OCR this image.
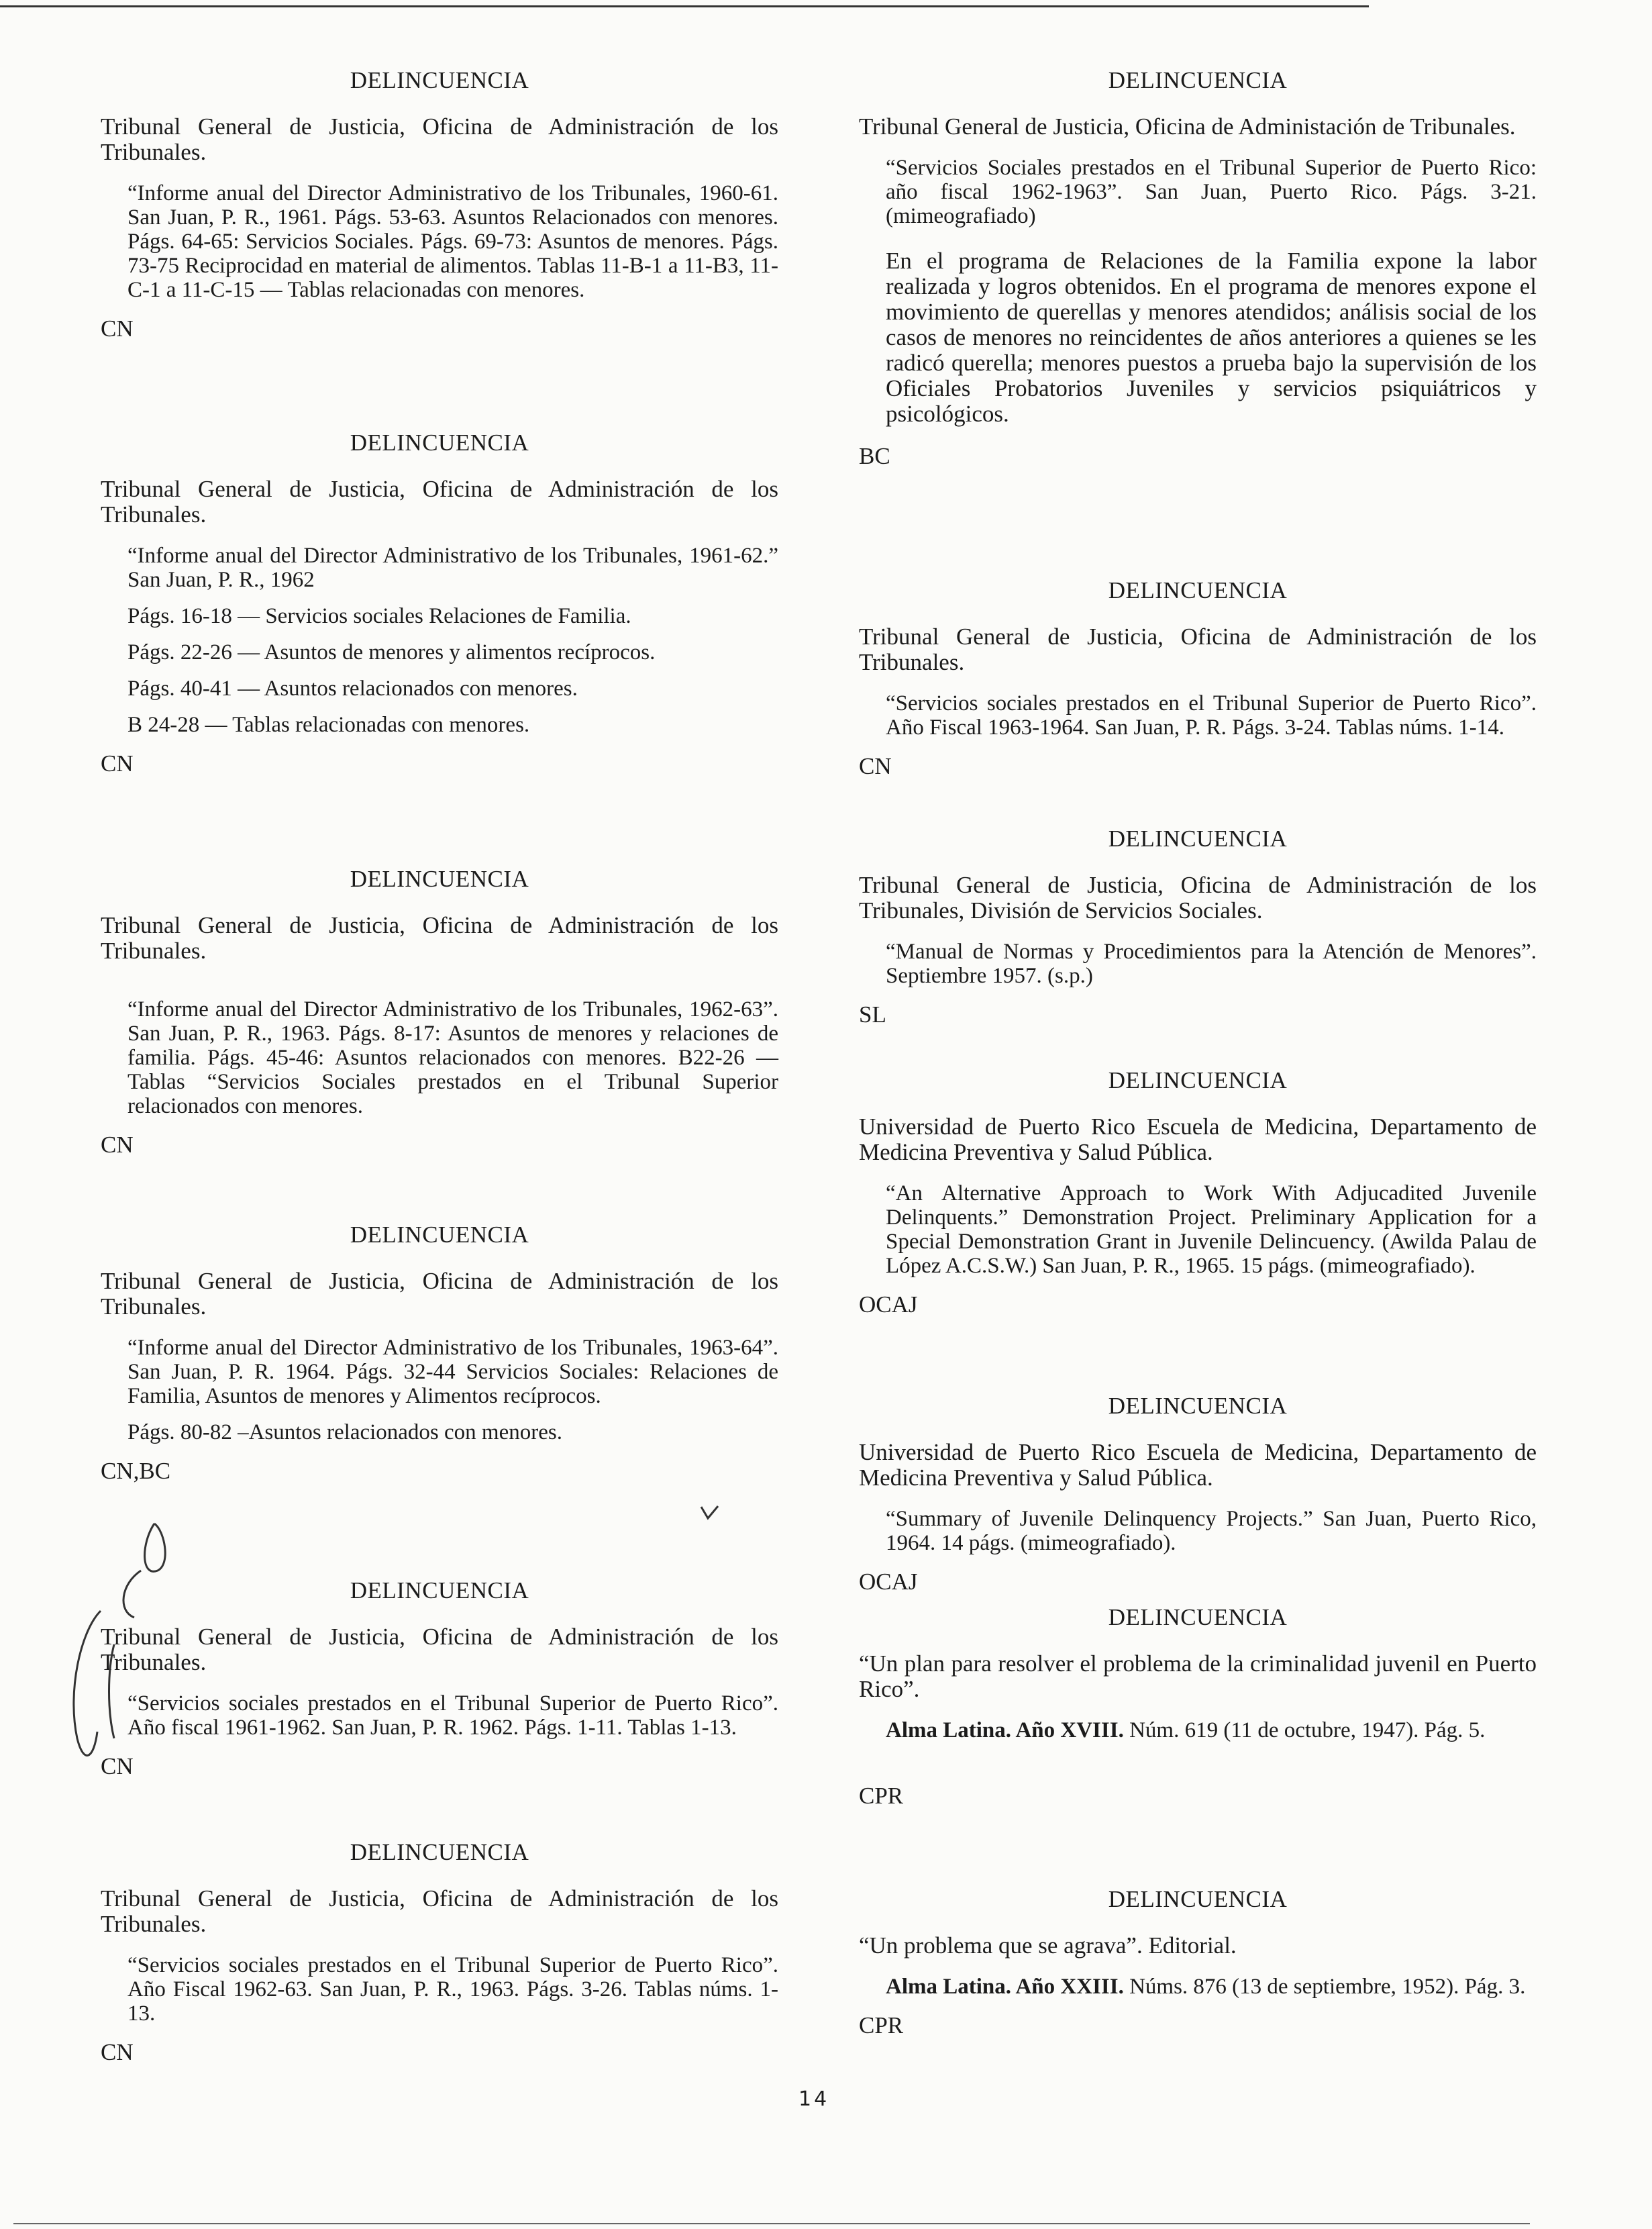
DELINCUENCIA
Tribunal General de Justicia, Oficina de Administración de los Tribunales.
“Informe anual del Director Administrativo de los Tribunales, 1960-61. San Juan, P. R., 1961. Págs. 53-63. Asuntos Relacionados con menores. Págs. 64-65: Servicios Sociales. Págs. 69-73: Asuntos de menores. Págs. 73-75 Reciprocidad en material de alimentos. Tablas 11-B-1 a 11-B3, 11-C-1 a 11-C-15 — Tablas relacionadas con menores.
CN
DELINCUENCIA
Tribunal General de Justicia, Oficina de Administración de los Tribunales.
“Informe anual del Director Administrativo de los Tribunales, 1961-62.” San Juan, P. R., 1962
Págs. 16-18 — Servicios sociales Relaciones de Familia.
Págs. 22-26 — Asuntos de menores y alimentos recíprocos.
Págs. 40-41 — Asuntos relacionados con menores.
B 24-28 — Tablas relacionadas con menores.
CN
DELINCUENCIA
Tribunal General de Justicia, Oficina de Administración de los Tribunales.
“Informe anual del Director Administrativo de los Tribunales, 1962-63”. San Juan, P. R., 1963. Págs. 8-17: Asuntos de menores y relaciones de familia. Págs. 45-46: Asuntos relacionados con menores. B22-26 — Tablas “Servicios Sociales prestados en el Tribunal Superior relacionados con menores.
CN
DELINCUENCIA
Tribunal General de Justicia, Oficina de Administración de los Tribunales.
“Informe anual del Director Administrativo de los Tribunales, 1963-64”. San Juan, P. R. 1964. Págs. 32-44 Servicios Sociales: Relaciones de Familia, Asuntos de menores y Alimentos recíprocos.
Págs. 80-82 –Asuntos relacionados con menores.
CN,BC
DELINCUENCIA
Tribunal General de Justicia, Oficina de Administración de los Tribunales.
“Servicios sociales prestados en el Tribunal Superior de Puerto Rico”. Año fiscal 1961-1962. San Juan, P. R. 1962. Págs. 1-11. Tablas 1-13.
CN
DELINCUENCIA
Tribunal General de Justicia, Oficina de Administración de los Tribunales.
“Servicios sociales prestados en el Tribunal Superior de Puerto Rico”. Año Fiscal 1962-63. San Juan, P. R., 1963. Págs. 3-26. Tablas núms. 1-13.
CN
DELINCUENCIA
Tribunal General de Justicia, Oficina de Administación de Tribunales.
“Servicios Sociales prestados en el Tribunal Superior de Puerto Rico: año fiscal 1962-1963”. San Juan, Puerto Rico. Págs. 3-21. (mimeografiado)
En el programa de Relaciones de la Familia expone la labor realizada y logros obtenidos. En el programa de menores expone el movimiento de querellas y menores atendidos; análisis social de los casos de menores no reincidentes de años anteriores a quienes se les radicó querella; menores puestos a prueba bajo la supervisión de los Oficiales Probatorios Juveniles y servicios psiquiátricos y psicológicos.
BC
DELINCUENCIA
Tribunal General de Justicia, Oficina de Administración de los Tribunales.
“Servicios sociales prestados en el Tribunal Superior de Puerto Rico”. Año Fiscal 1963-1964. San Juan, P. R. Págs. 3-24. Tablas núms. 1-14.
CN
DELINCUENCIA
Tribunal General de Justicia, Oficina de Administración de los Tribunales, División de Servicios Sociales.
“Manual de Normas y Procedimientos para la Atención de Menores”. Septiembre 1957. (s.p.)
SL
DELINCUENCIA
Universidad de Puerto Rico Escuela de Medicina, Departamento de Medicina Preventiva y Salud Pública.
“An Alternative Approach to Work With Adjucadited Juvenile Delinquents.” Demonstration Project. Preliminary Application for a Special Demonstration Grant in Juvenile Delincuency. (Awilda Palau de López A.C.S.W.) San Juan, P. R., 1965. 15 págs. (mimeografiado).
OCAJ
DELINCUENCIA
Universidad de Puerto Rico Escuela de Medicina, Departamento de Medicina Preventiva y Salud Pública.
“Summary of Juvenile Delinquency Projects.” San Juan, Puerto Rico, 1964. 14 págs. (mimeografiado).
OCAJ
DELINCUENCIA
“Un plan para resolver el problema de la criminalidad juvenil en Puerto Rico”.
Alma Latina. Año XVIII. Núm. 619 (11 de octubre, 1947). Pág. 5.
CPR
DELINCUENCIA
“Un problema que se agrava”. Editorial.
Alma Latina. Año XXIII. Núms. 876 (13 de septiembre, 1952). Pág. 3.
CPR
14
